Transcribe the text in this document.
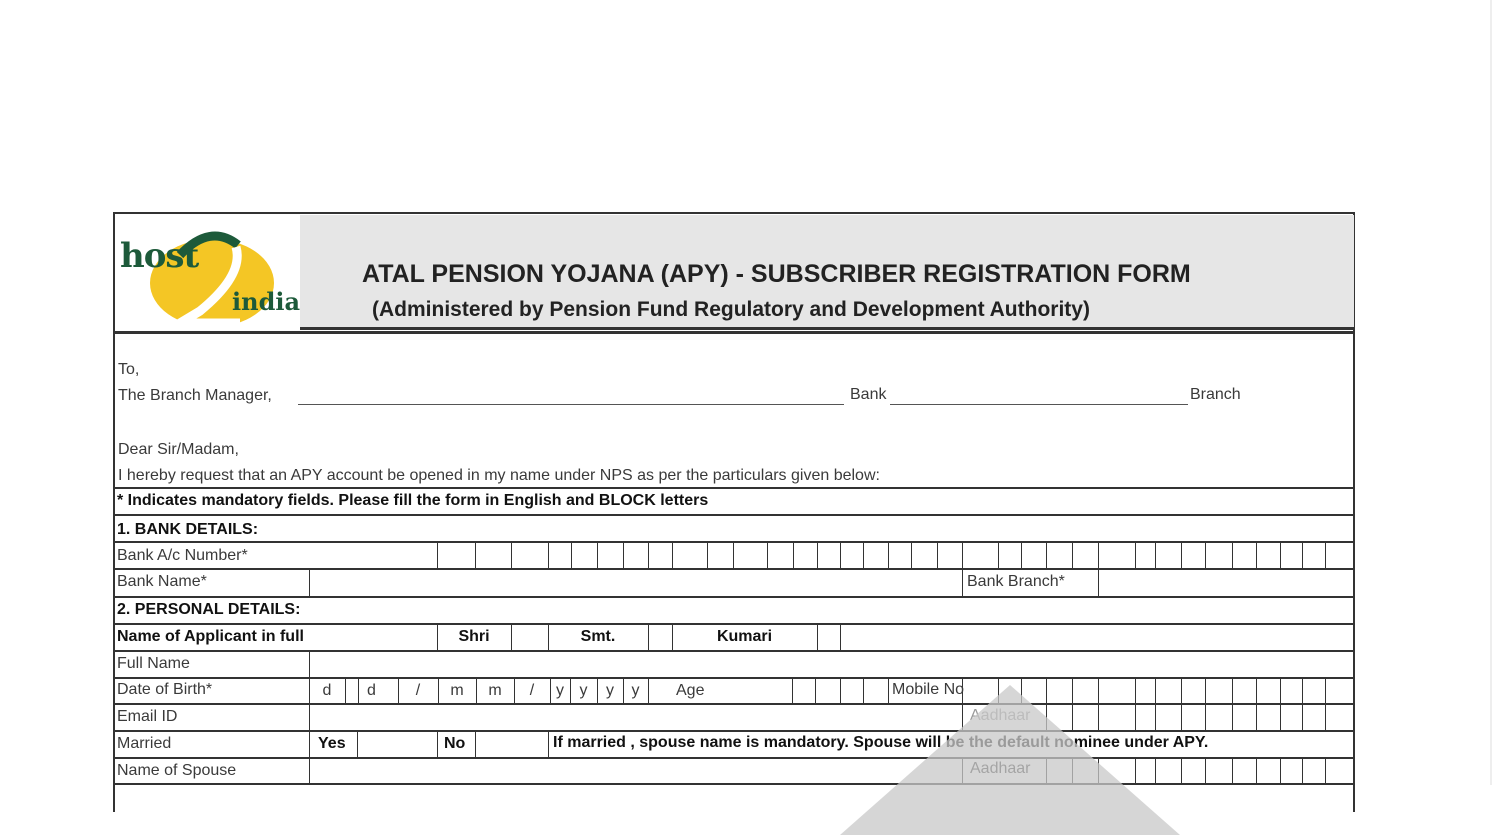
host
india
ATAL PENSION YOJANA (APY) - SUBSCRIBER REGISTRATION FORM
(Administered by Pension Fund Regulatory and Development Authority)
To,
The Branch Manager,	Bank	Branch
Dear Sir/Madam,
I hereby request that an APY account be opened in my name under NPS as per the particulars given below:
* Indicates mandatory fields. Please fill the form in English and BLOCK letters
1. BANK DETAILS:
Bank A/c Number*
Bank Name*	Bank Branch*
2. PERSONAL DETAILS:
Name of Applicant in full	Shri	Smt.	Kumari
Full Name
Date of Birth*	d	d	/	m	m	/	y y	y	y	Age	Mobile No
Email ID	Aadhaar
Married	Yes	No	If married , spouse name is mandatory. Spouse will be the default nominee under APY.
Name of Spouse	Aadhaar
